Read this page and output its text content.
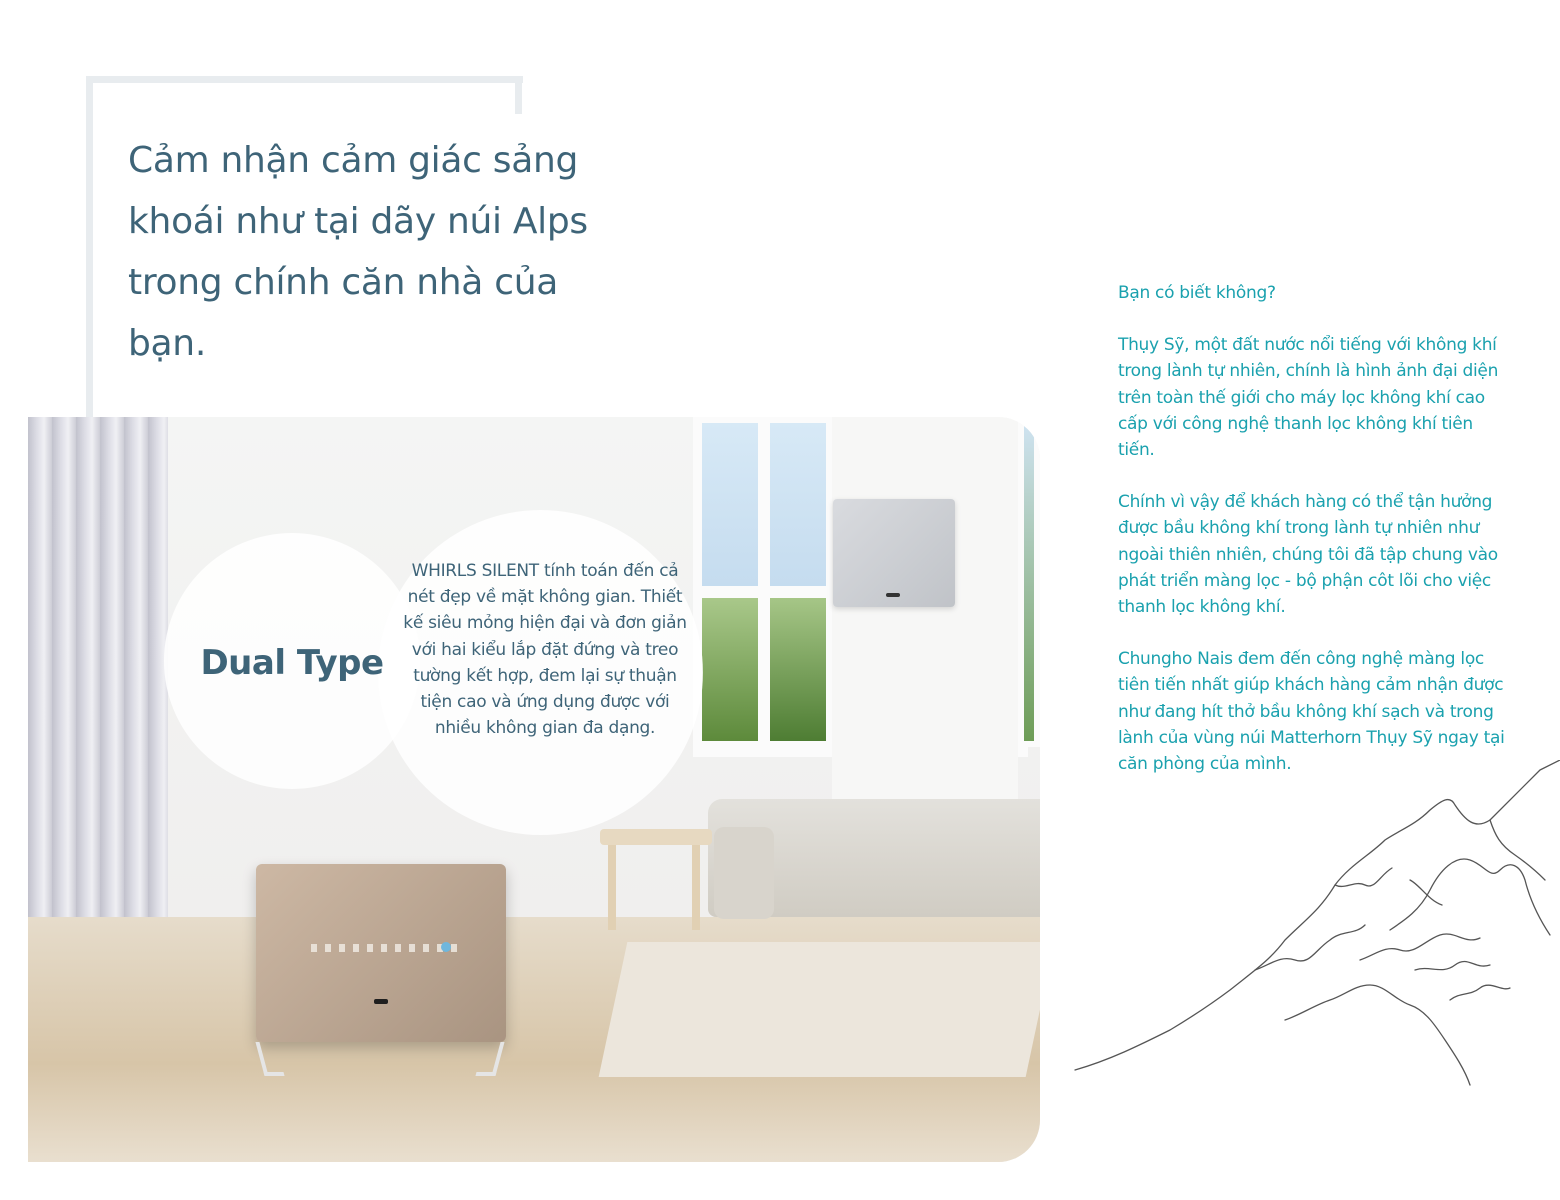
Cảm nhận cảm giác sảng khoái như tại dãy núi Alps trong chính căn nhà của bạn.
Dual Type

WHIRLS SILENT tính toán đến cả nét đẹp về mặt không gian. Thiết kế siêu mỏng hiện đại và đơn giản với hai kiểu lắp đặt đứng và treo tường kết hợp, đem lại sự thuận tiện cao và ứng dụng được với nhiều không gian đa dạng.

Bạn có biết không?

Thụy Sỹ, một đất nước nổi tiếng với không khí trong lành tự nhiên, chính là hình ảnh đại diện trên toàn thế giới cho máy lọc không khí cao cấp với công nghệ thanh lọc không khí tiên tiến.

Chính vì vậy để khách hàng có thể tận hưởng được bầu không khí trong lành tự nhiên như ngoài thiên nhiên, chúng tôi đã tập chung vào phát triển màng lọc - bộ phận côt lõi cho việc thanh lọc không khí.

Chungho Nais đem đến công nghệ màng lọc tiên tiến nhất giúp khách hàng cảm nhận được như đang hít thở bầu không khí sạch và trong lành của vùng núi Matterhorn Thụy Sỹ ngay tại căn phòng của mình.
